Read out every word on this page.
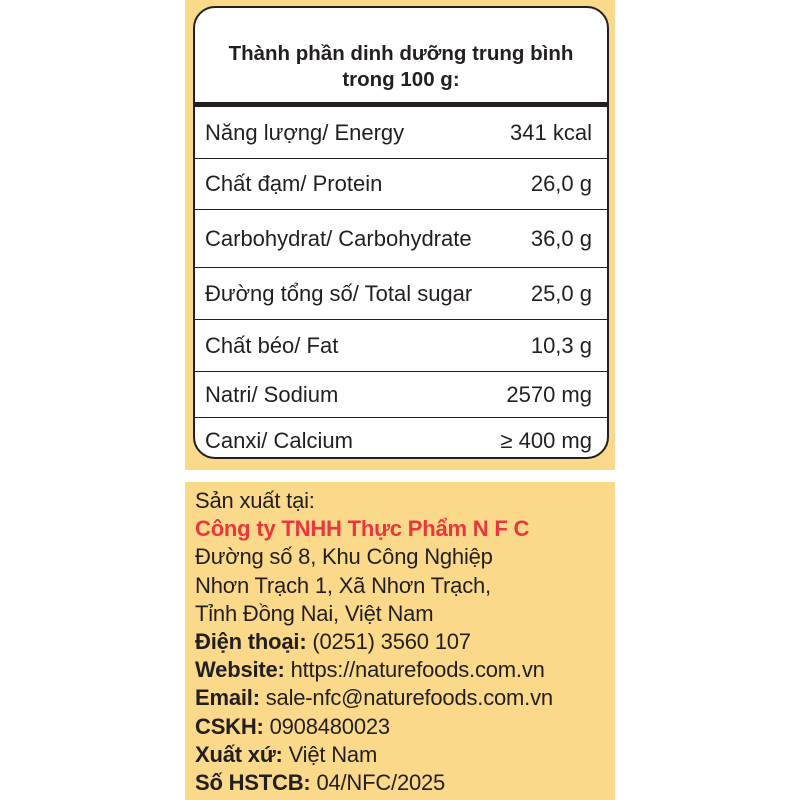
Thành phần dinh dưỡng trung bình
trong 100 g:
Năng lượng/ Energy	341 kcal
Chất đạm/ Protein	26,0 g
Carbohydrat/ Carbohydrate	36,0 g
Đường tổng số/ Total sugar	25,0 g
Chất béo/ Fat	10,3 g
Natri/ Sodium	2570 mg
Canxi/ Calcium	≥ 400 mg
Sản xuất tại:
Công ty TNHH Thực Phẩm N F C
Đường số 8, Khu Công Nghiệp
Nhơn Trạch 1, Xã Nhơn Trạch,
Tỉnh Đồng Nai, Việt Nam
Điện thoại: (0251) 3560 107
Website: https://naturefoods.com.vn
Email: sale-nfc@naturefoods.com.vn
CSKH: 0908480023
Xuất xứ: Việt Nam
Số HSTCB: 04/NFC/2025
